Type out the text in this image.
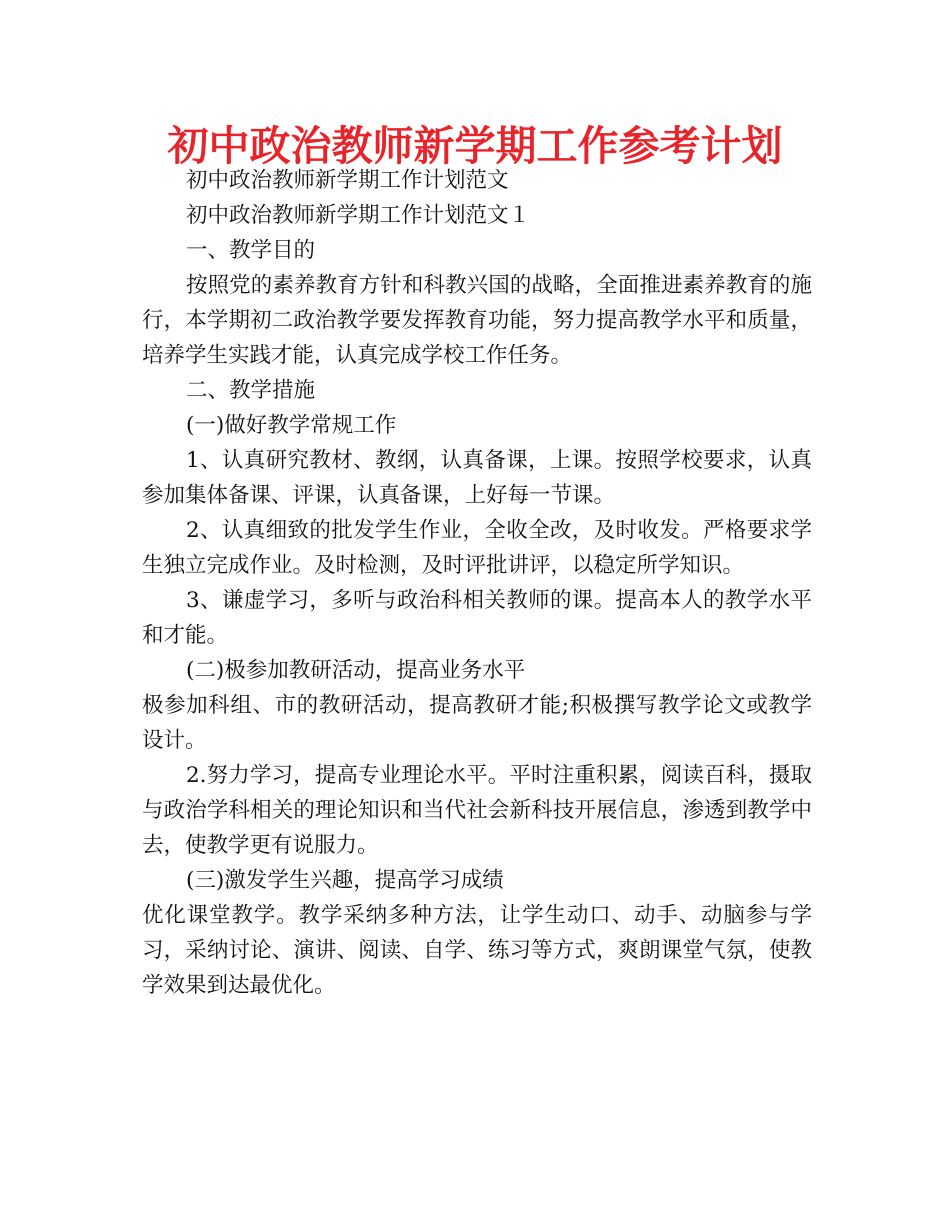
初中政治教师新学期工作参考计划

初中政治教师新学期工作计划范文

初中政治教师新学期工作计划范文１

一、教学目的

按照党的素养教育方针和科教兴国的战略，全面推进素养教育的施行，本学期初二政治教学要发挥教育功能，努力提高教学水平和质量，培养学生实践才能，认真完成学校工作任务。

二、教学措施

(一)做好教学常规工作

1、认真研究教材、教纲，认真备课，上课。按照学校要求，认真参加集体备课、评课，认真备课，上好每一节课。

2、认真细致的批发学生作业，全收全改，及时收发。严格要求学生独立完成作业。及时检测，及时评批讲评，以稳定所学知识。

3、谦虚学习，多听与政治科相关教师的课。提高本人的教学水平和才能。

(二)极参加教研活动，提高业务水平

极参加科组、市的教研活动，提高教研才能;积极撰写教学论文或教学设计。

2.努力学习，提高专业理论水平。平时注重积累，阅读百科，摄取与政治学科相关的理论知识和当代社会新科技开展信息，渗透到教学中去，使教学更有说服力。

(三)激发学生兴趣，提高学习成绩

优化课堂教学。教学采纳多种方法，让学生动口、动手、动脑参与学习，采纳讨论、演讲、阅读、自学、练习等方式，爽朗课堂气氛，使教学效果到达最优化。
